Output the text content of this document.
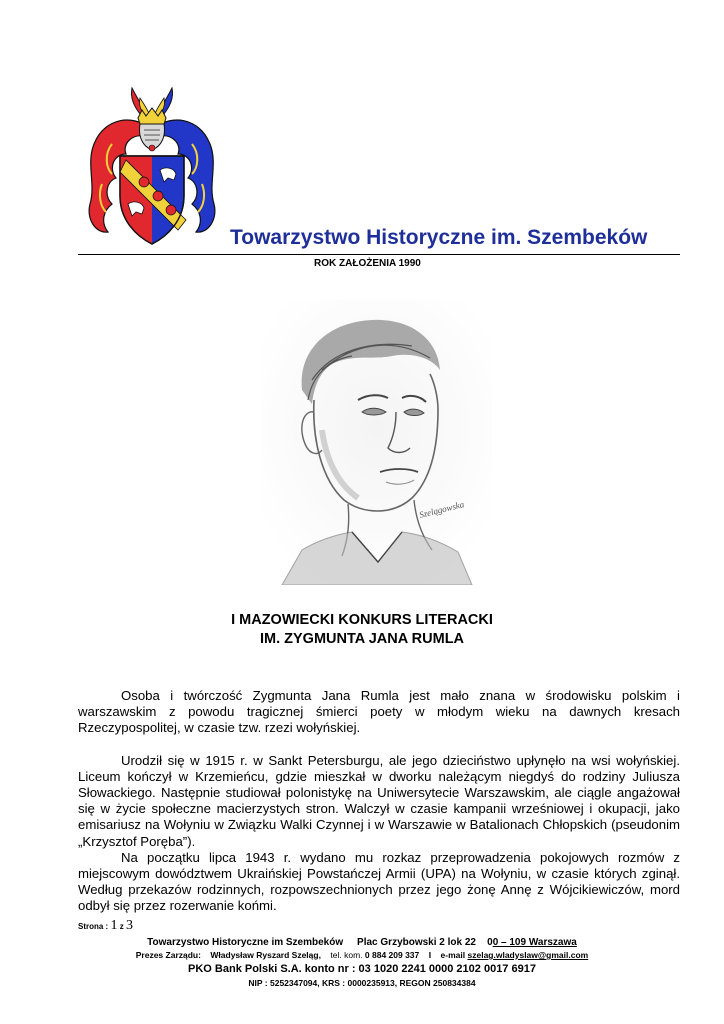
Towarzystwo Historyczne im. Szembeków
ROK ZAŁOŻENIA 1990
Szelągowska
I MAZOWIECKI KONKURS LITERACKI
IM. ZYGMUNTA JANA RUMLA

Osoba i twórczość Zygmunta Jana Rumla jest mało znana w środowisku polskim i warszawskim z powodu tragicznej śmierci poety w młodym wieku na dawnych kresach Rzeczypospolitej, w czasie tzw. rzezi wołyńskiej.

Urodził się w 1915 r. w Sankt Petersburgu, ale jego dzieciństwo upłynęło na wsi wołyńskiej. Liceum kończył w Krzemieńcu, gdzie mieszkał w dworku należącym niegdyś do rodziny Juliusza Słowackiego. Następnie studiował polonistykę na Uniwersytecie Warszawskim, ale ciągle angażował się w życie społeczne macierzystych stron. Walczył w czasie kampanii wrześniowej i okupacji, jako emisariusz na Wołyniu w Związku Walki Czynnej i w Warszawie w Batalionach Chłopskich (pseudonim „Krzysztof Poręba”).

Na początku lipca 1943 r. wydano mu rozkaz przeprowadzenia pokojowych rozmów z miejscowym dowództwem Ukraińskiej Powstańczej Armii (UPA) na Wołyniu, w czasie których zginął. Według przekazów rodzinnych, rozpowszechnionych przez jego żonę Annę z Wójcikiewiczów, mord odbył się przez rozerwanie końmi.

Strona : 1 z 3
Towarzystwo Historyczne im Szembeków Plac Grzybowski 2 lok 22 00 – 109 Warszawa
Prezes Zarządu: Władysław Ryszard Szeląg, tel. kom. 0 884 209 337 I e-mail szelag.wladyslaw@gmail.com
PKO Bank Polski S.A. konto nr : 03 1020 2241 0000 2102 0017 6917
NIP : 5252347094, KRS : 0000235913, REGON 250834384
